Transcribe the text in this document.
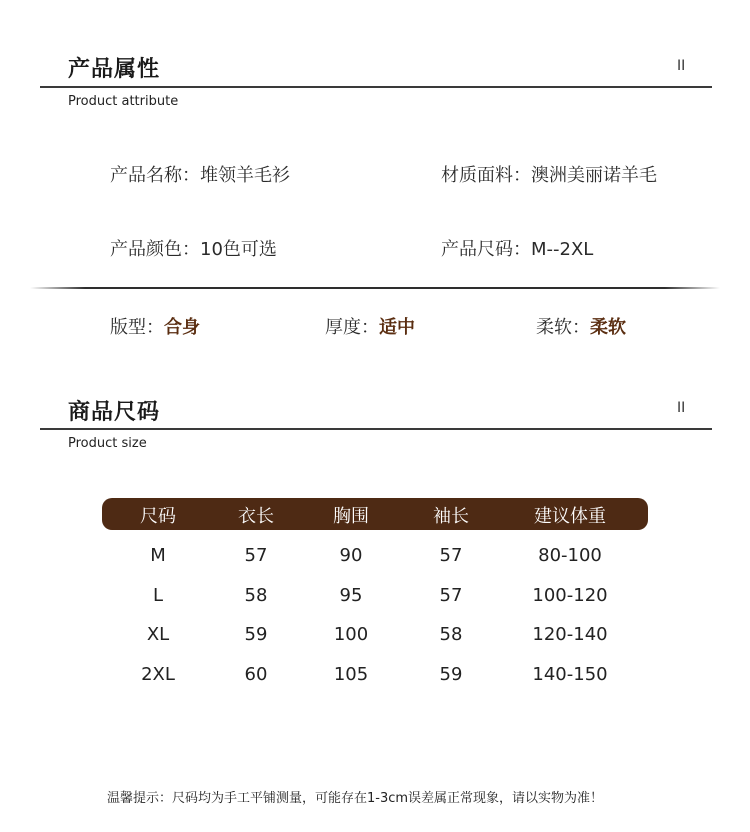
产品属性	II
Product attribute
产品名称：堆领羊毛衫	材质面料：澳洲美丽诺羊毛
产品颜色：10色可选	产品尺码：M--2XL
版型：合身	厚度：适中	柔软：柔软
商品尺码	II
Product size
尺码	衣长	胸围	袖长	建议体重
M	57	90	57	80-100
L	58	95	57	100-120
XL	59	100	58	120-140
2XL	60	105	59	140-150
温馨提示：尺码均为手工平铺测量，可能存在1-3cm误差属正常现象，请以实物为准！
